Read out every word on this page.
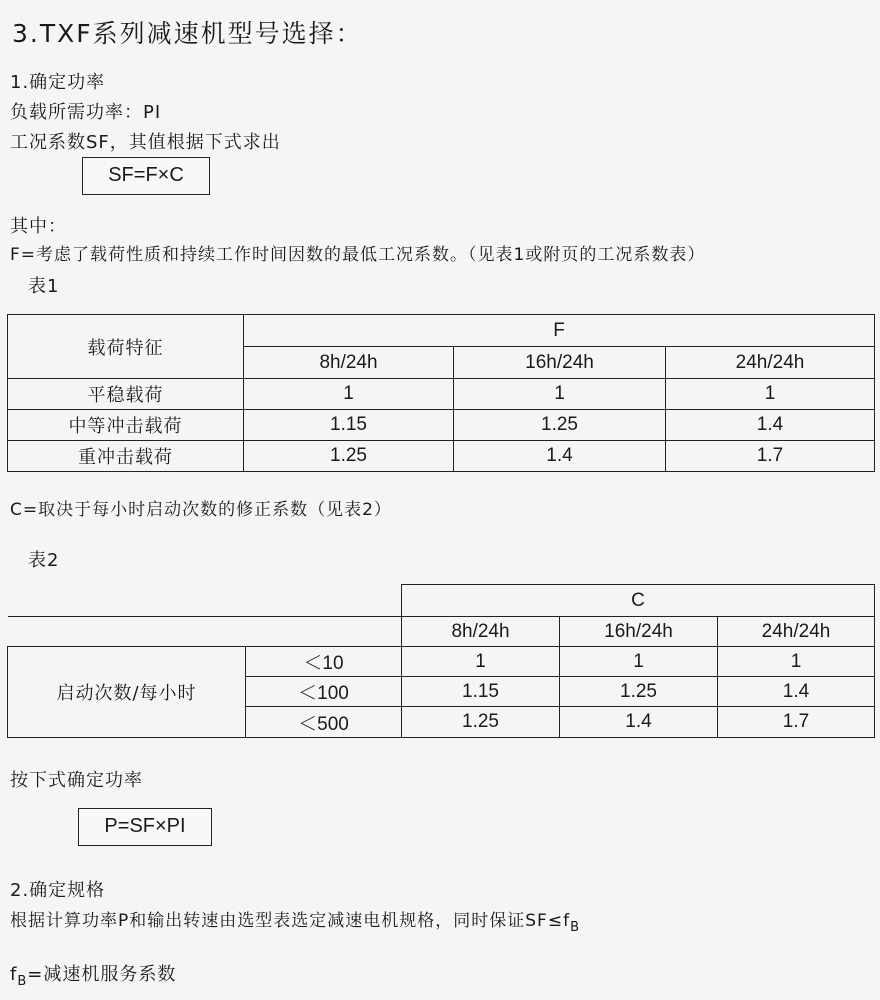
3.TXF系列减速机型号选择：
1.确定功率
负载所需功率：PI
工况系数SF，其值根据下式求出
SF=F×C
其中：
F=考虑了载荷性质和持续工作时间因数的最低工况系数。（见表1或附页的工况系数表）
表1
载荷特征	F		
	8h/24h	16h/24h	24h/24h
平稳载荷	1	1	1
中等冲击载荷	1.15	1.25	1.4
重冲击载荷	1.25	1.4	1.7
C=取决于每小时启动次数的修正系数（见表2）
表2
		C		
		8h/24h	16h/24h	24h/24h
启动次数/每小时	＜10	1	1	1
	＜100	1.15	1.25	1.4
	＜500	1.25	1.4	1.7
按下式确定功率
P=SF×PI
2.确定规格
根据计算功率P和输出转速由选型表选定减速电机规格，同时保证$SF\le f_B$
$f_B=$减速机服务系数
